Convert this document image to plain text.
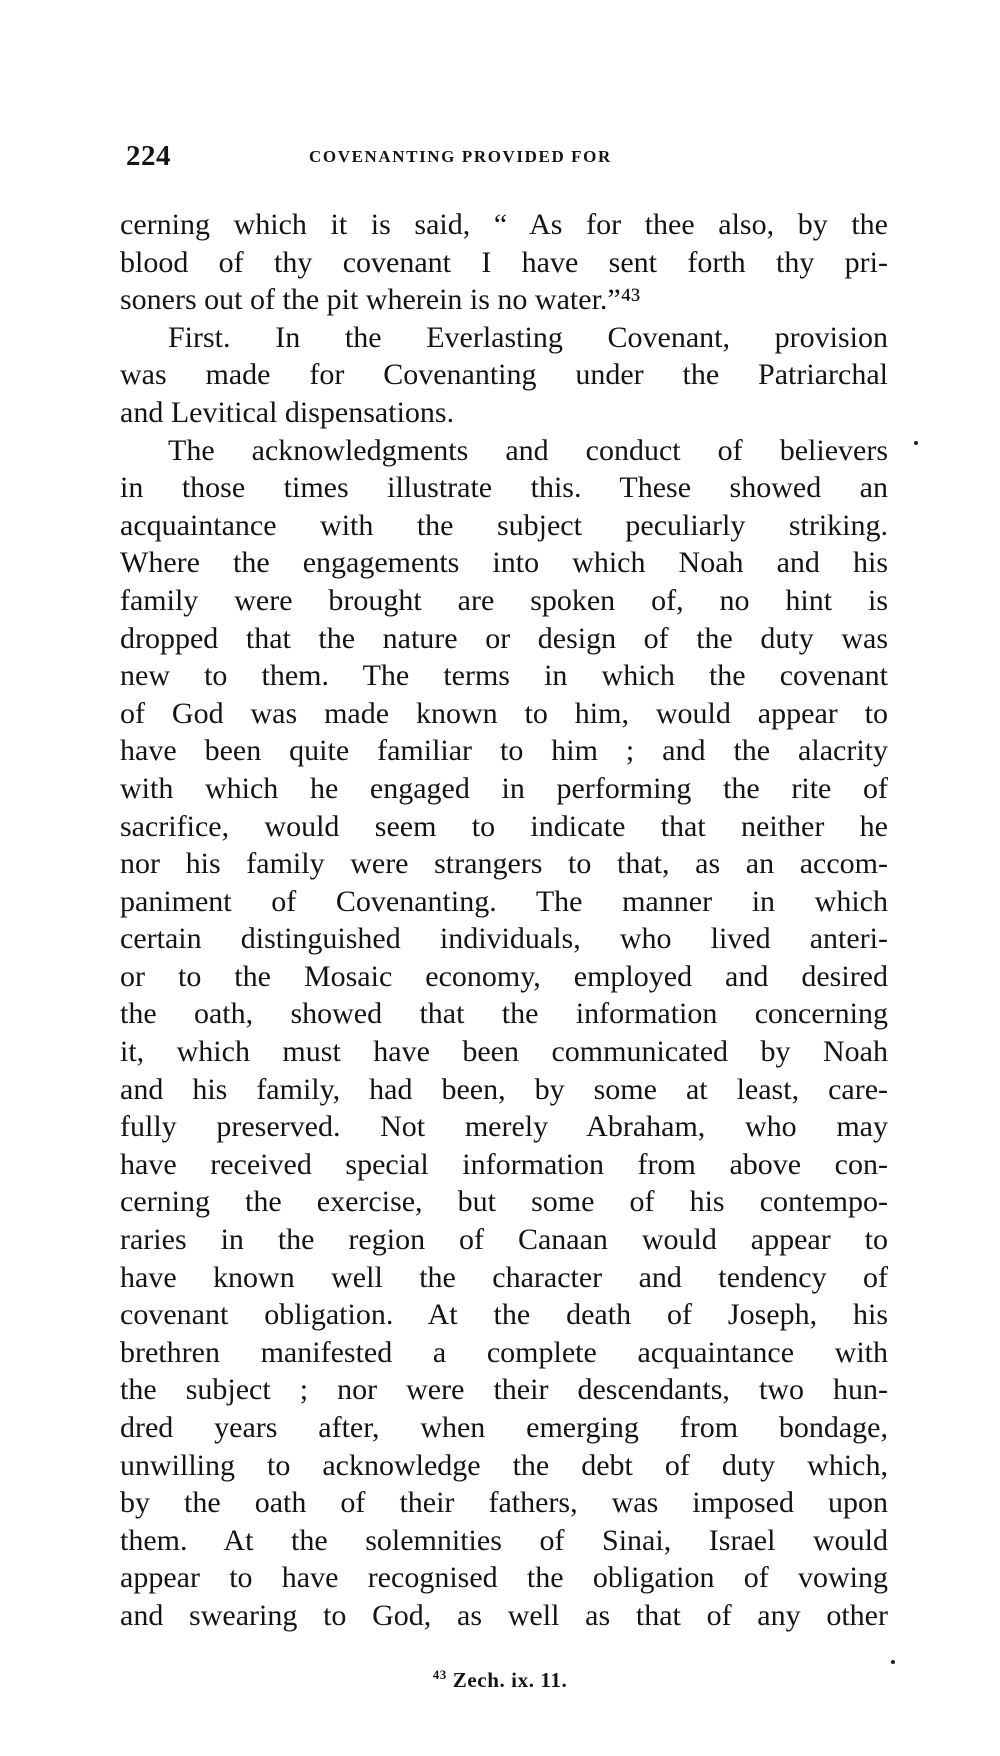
224	COVENANTING PROVIDED FOR
cerning which it is said, “ As for thee also, by the
blood of thy covenant I have sent forth thy pri-
soners out of the pit wherein is no water.”⁴³
First. In the Everlasting Covenant, provision
was made for Covenanting under the Patriarchal
and Levitical dispensations.
The acknowledgments and conduct of believers
in those times illustrate this. These showed an
acquaintance with the subject peculiarly striking.
Where the engagements into which Noah and his
family were brought are spoken of, no hint is
dropped that the nature or design of the duty was
new to them. The terms in which the covenant
of God was made known to him, would appear to
have been quite familiar to him ; and the alacrity
with which he engaged in performing the rite of
sacrifice, would seem to indicate that neither he
nor his family were strangers to that, as an accom-
paniment of Covenanting. The manner in which
certain distinguished individuals, who lived anteri-
or to the Mosaic economy, employed and desired
the oath, showed that the information concerning
it, which must have been communicated by Noah
and his family, had been, by some at least, care-
fully preserved. Not merely Abraham, who may
have received special information from above con-
cerning the exercise, but some of his contempo-
raries in the region of Canaan would appear to
have known well the character and tendency of
covenant obligation. At the death of Joseph, his
brethren manifested a complete acquaintance with
the subject ; nor were their descendants, two hun-
dred years after, when emerging from bondage,
unwilling to acknowledge the debt of duty which,
by the oath of their fathers, was imposed upon
them. At the solemnities of Sinai, Israel would
appear to have recognised the obligation of vowing
and swearing to God, as well as that of any other
$^{43}$ Zech. ix. 11.
